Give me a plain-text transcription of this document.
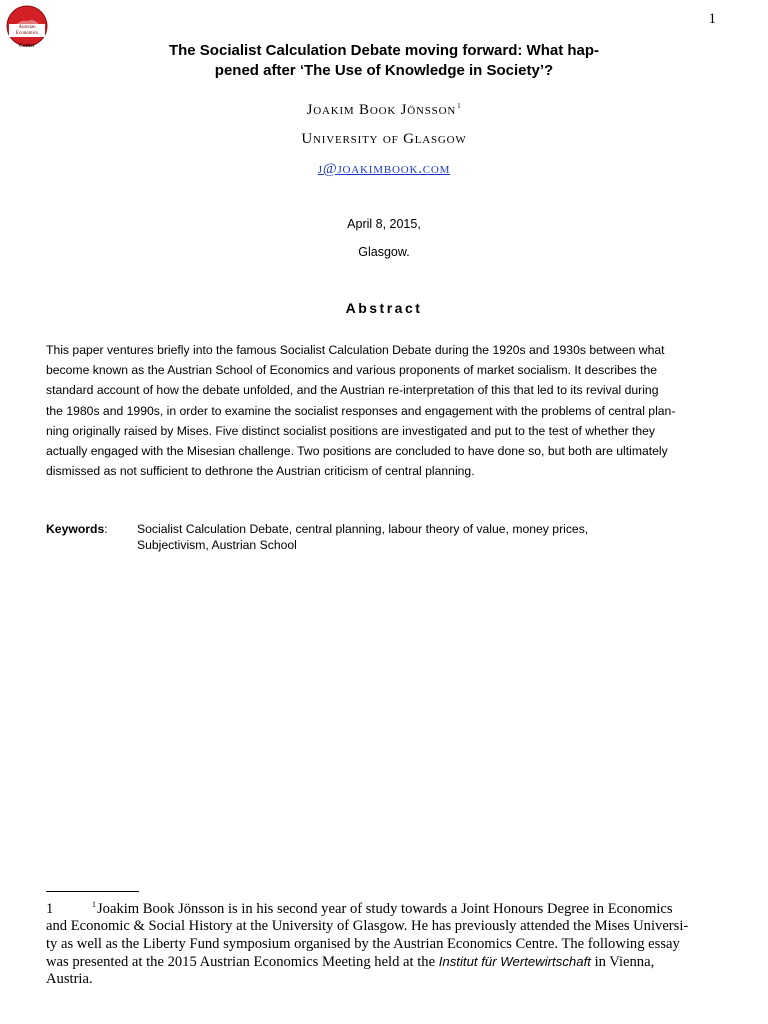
Austrian
Economics
Center
1
The Socialist Calculation Debate moving forward: What hap-
pened after ‘The Use of Knowledge in Society’?
Joakim Book Jönsson$^1$
University of Glasgow
j@joakimbook.com
April 8, 2015,
Glasgow.
Abstract
This paper ventures briefly into the famous Socialist Calculation Debate during the 1920s and 1930s between what
become known as the Austrian School of Economics and various proponents of market socialism. It describes the
standard account of how the debate unfolded, and the Austrian re-interpretation of this that led to its revival during
the 1980s and 1990s, in order to examine the socialist responses and engagement with the problems of central plan-
ning originally raised by Mises. Five distinct socialist positions are investigated and put to the test of whether they
actually engaged with the Misesian challenge. Two positions are concluded to have done so, but both are ultimately
dismissed as not sufficient to dethrone the Austrian criticism of central planning.
Keywords: Socialist Calculation Debate, central planning, labour theory of value, money prices,
Subjectivism, Austrian School
1	$^1$Joakim Book Jönsson is in his second year of study towards a Joint Honours Degree in Economics
and Economic & Social History at the University of Glasgow. He has previously attended the Mises Universi-
ty as well as the Liberty Fund symposium organised by the Austrian Economics Centre. The following essay
was presented at the 2015 Austrian Economics Meeting held at the Institut für Wertewirtschaft in Vienna,
Austria.
